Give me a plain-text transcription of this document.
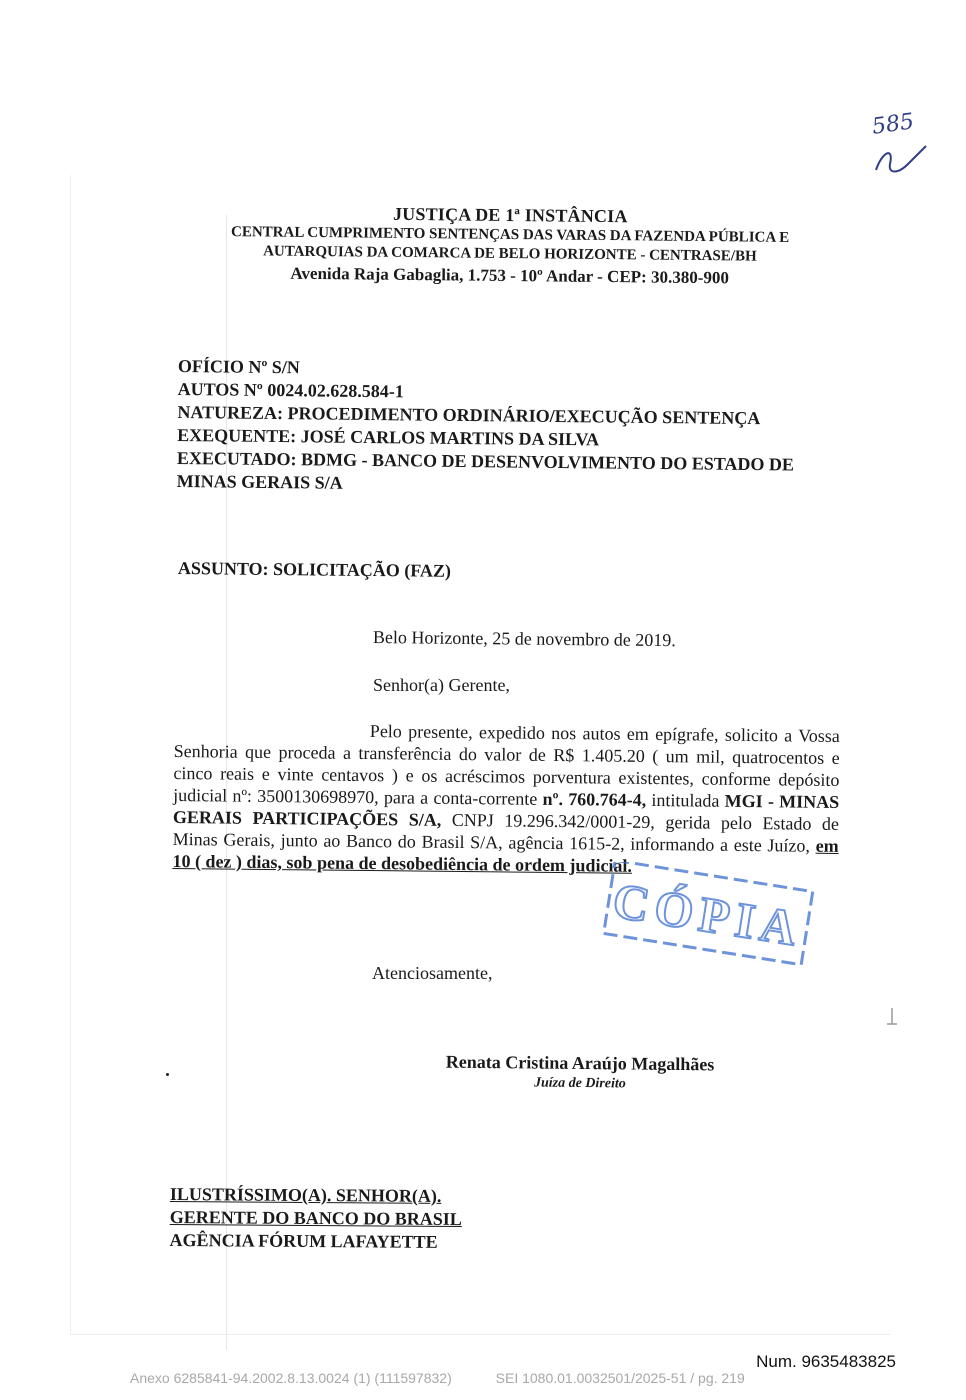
585
JUSTIÇA DE 1ª INSTÂNCIA
CENTRAL CUMPRIMENTO SENTENÇAS DAS VARAS DA FAZENDA PÚBLICA E
AUTARQUIAS DA COMARCA DE BELO HORIZONTE - CENTRASE/BH
Avenida Raja Gabaglia, 1.753 - 10º Andar - CEP: 30.380-900
OFÍCIO Nº S/N
AUTOS Nº 0024.02.628.584-1
NATUREZA: PROCEDIMENTO ORDINÁRIO/EXECUÇÃO SENTENÇA
EXEQUENTE: JOSÉ CARLOS MARTINS DA SILVA
EXECUTADO: BDMG - BANCO DE DESENVOLVIMENTO DO ESTADO DE
MINAS GERAIS S/A
ASSUNTO: SOLICITAÇÃO (FAZ)
Belo Horizonte, 25 de novembro de 2019.
Senhor(a) Gerente,
Pelo presente, expedido nos autos em epígrafe, solicito a Vossa Senhoria que proceda a transferência do valor de R$ 1.405.20 ( um mil, quatrocentos e cinco reais e vinte centavos ) e os acréscimos porventura existentes, conforme depósito judicial nº: 3500130698970, para a conta-corrente nº. 760.764-4, intitulada MGI - MINAS GERAIS PARTICIPAÇÕES S/A, CNPJ 19.296.342/0001-29, gerida pelo Estado de Minas Gerais, junto ao Banco do Brasil S/A, agência 1615-2, informando a este Juízo, em 10 ( dez ) dias, sob pena de desobediência de ordem judicial.
CÓPIA
Atenciosamente,
Renata Cristina Araújo Magalhães
Juíza de Direito
ILUSTRÍSSIMO(A). SENHOR(A).
GERENTE DO BANCO DO BRASIL
AGÊNCIA FÓRUM LAFAYETTE
Num. 9635483825
Anexo 6285841-94.2002.8.13.0024 (1) (111597832)	SEI 1080.01.0032501/2025-51 / pg. 219
